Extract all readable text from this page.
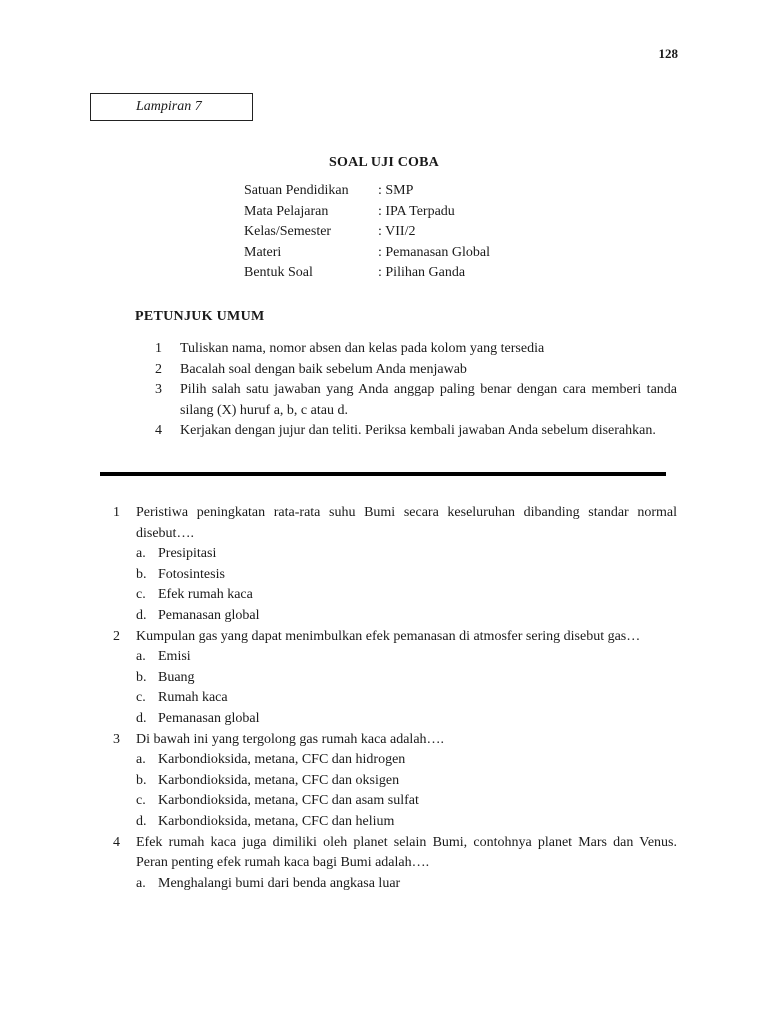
128
Lampiran 7
SOAL UJI COBA
Satuan Pendidikan : SMP
Mata Pelajaran	: IPA Terpadu
Kelas/Semester	: VII/2
Materi	: Pemanasan Global
Bentuk Soal	: Pilihan Ganda
PETUNJUK UMUM
1	Tuliskan nama, nomor absen dan kelas pada kolom yang tersedia
2	Bacalah soal dengan baik sebelum Anda menjawab
3	Pilih salah satu jawaban yang Anda anggap paling benar dengan cara memberi tanda silang (X) huruf a, b, c atau d.
4	Kerjakan dengan jujur dan teliti. Periksa kembali jawaban Anda sebelum diserahkan.
1	Peristiwa peningkatan rata-rata suhu Bumi secara keseluruhan dibanding standar normal disebut….
a. Presipitasi
b. Fotosintesis
c. Efek rumah kaca
d. Pemanasan global
2	Kumpulan gas yang dapat menimbulkan efek pemanasan di atmosfer sering disebut gas…
a. Emisi
b. Buang
c. Rumah kaca
d. Pemanasan global
3	Di bawah ini yang tergolong gas rumah kaca adalah….
a. Karbondioksida, metana, CFC dan hidrogen
b. Karbondioksida, metana, CFC dan oksigen
c. Karbondioksida, metana, CFC dan asam sulfat
d. Karbondioksida, metana, CFC dan helium
4	Efek rumah kaca juga dimiliki oleh planet selain Bumi, contohnya planet Mars dan Venus. Peran penting efek rumah kaca bagi Bumi adalah….
a. Menghalangi bumi dari benda angkasa luar
